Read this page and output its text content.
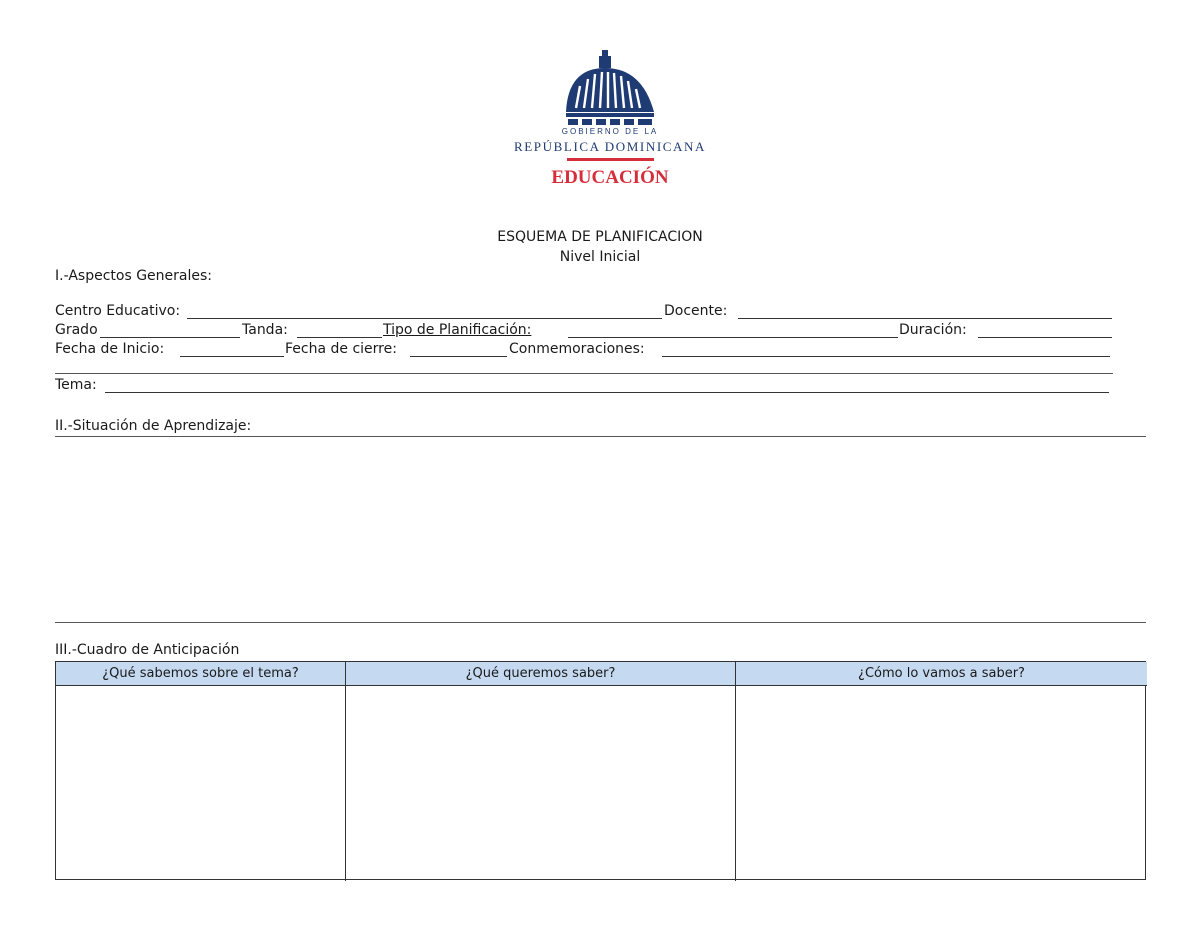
GOBIERNO DE LA
REPÚBLICA DOMINICANA
EDUCACIÓN
ESQUEMA DE PLANIFICACION
Nivel Inicial
I.-Aspectos Generales:
Centro Educativo:	Docente:
Grado	Tanda:	Tipo de Planificación:	Duración:
Fecha de Inicio:	Fecha de cierre:	Conmemoraciones:
Tema:
II.-Situación de Aprendizaje:
III.-Cuadro de Anticipación
¿Qué sabemos sobre el tema?	¿Qué queremos saber?	¿Cómo lo vamos a saber?
